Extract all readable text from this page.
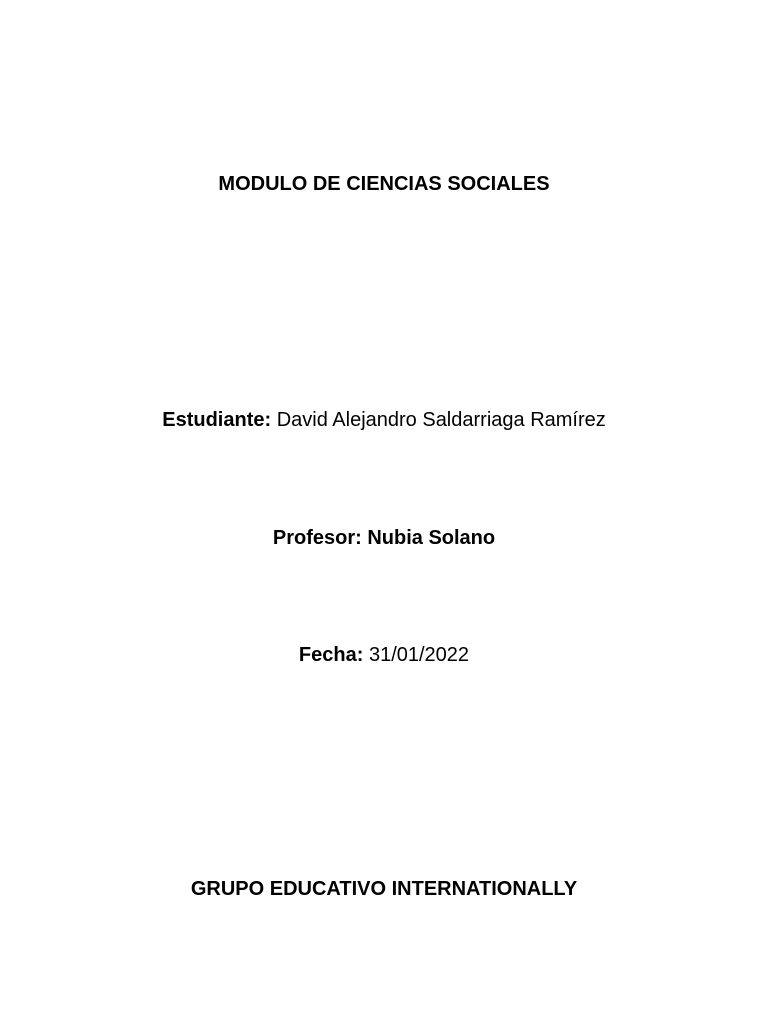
MODULO DE CIENCIAS SOCIALES
Estudiante: David Alejandro Saldarriaga Ramírez
Profesor: Nubia Solano
Fecha: 31/01/2022
GRUPO EDUCATIVO INTERNATIONALLY
